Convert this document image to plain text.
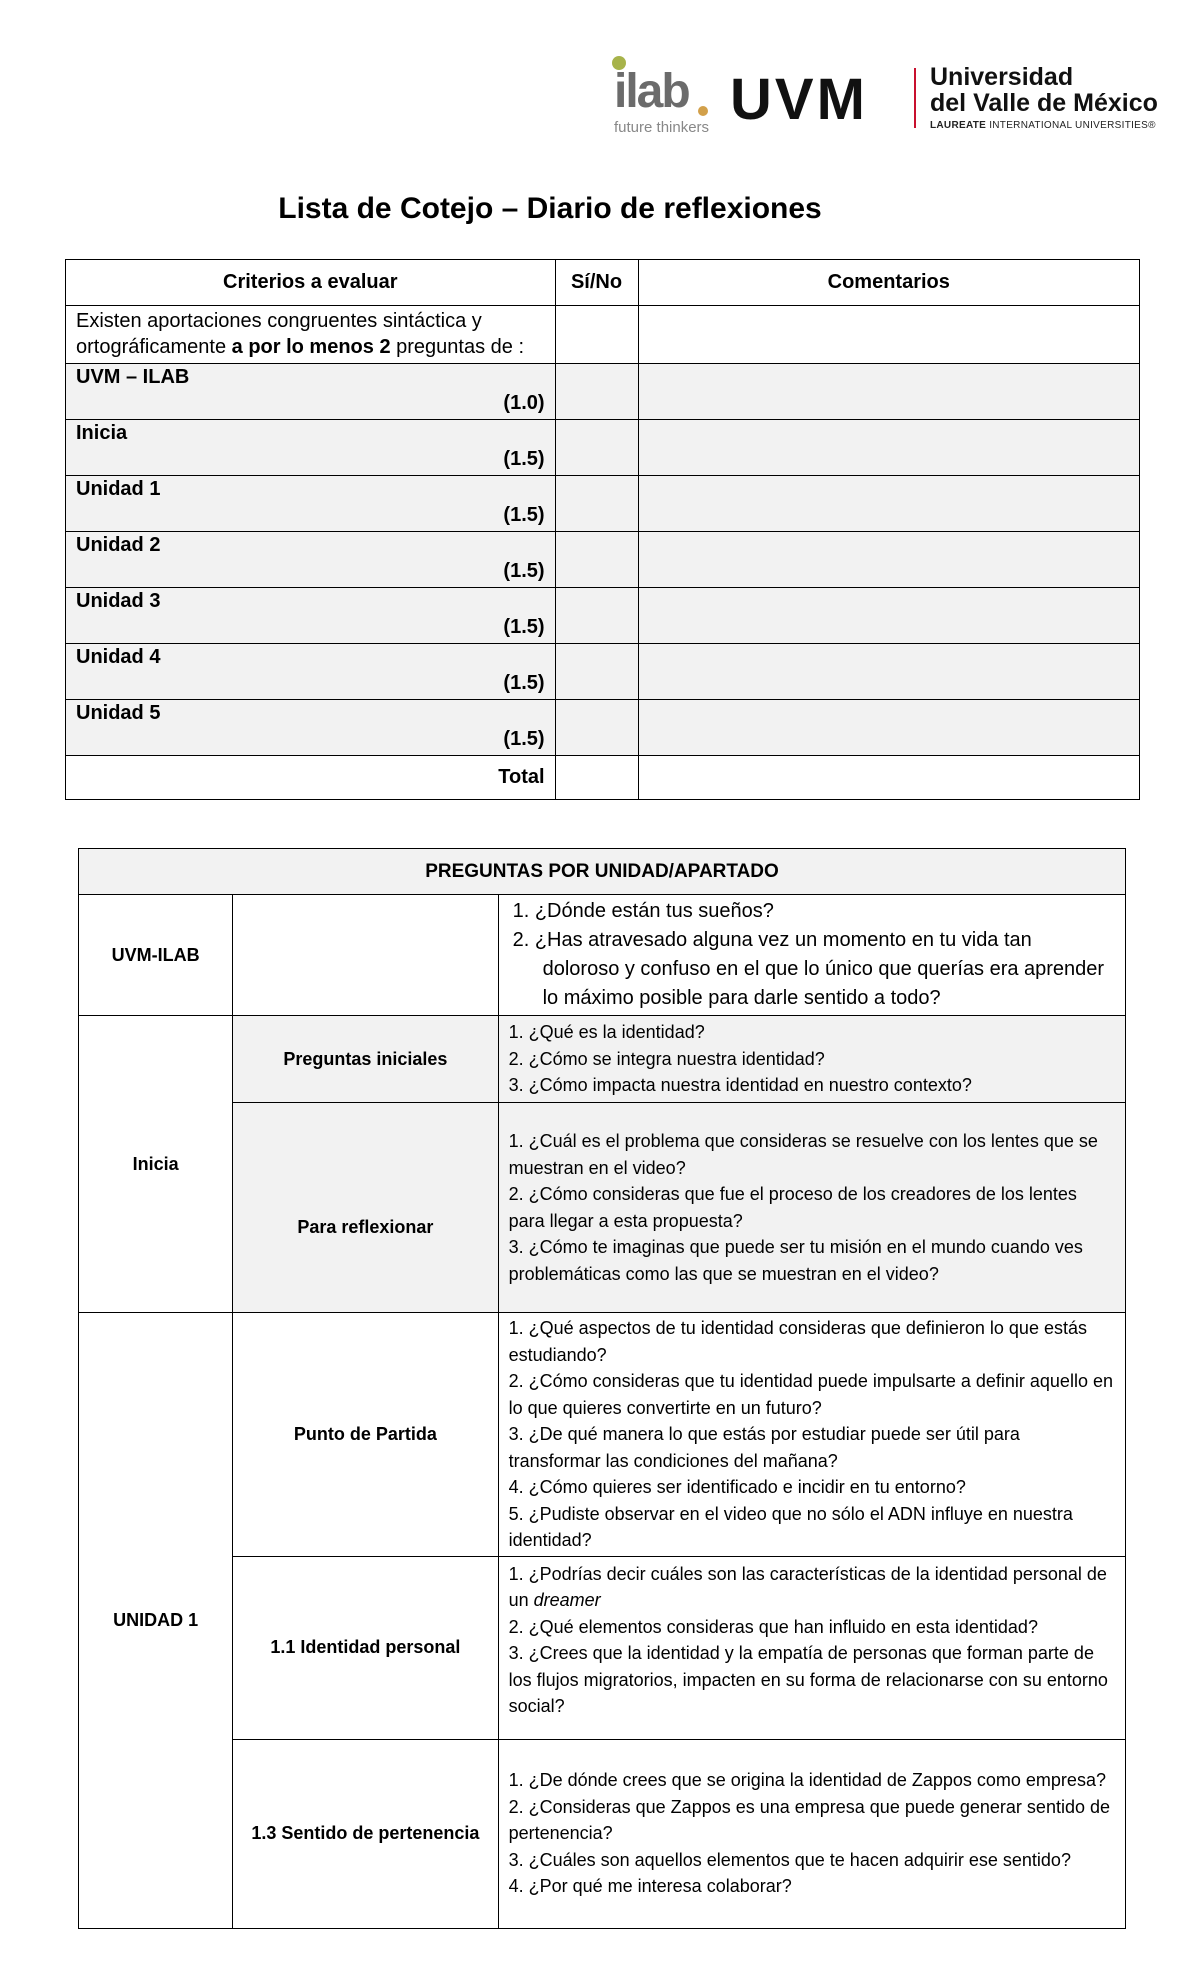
ilab
future thinkers UVM Universidad
del Valle de México
LAUREATE INTERNATIONAL UNIVERSITIES®
Lista de Cotejo – Diario de reflexiones
Criterios a evaluar	Sí/No	Comentarios
Existen aportaciones congruentes sintáctica y ortográficamente a por lo menos 2 preguntas de :		

UVM – ILAB
(1.0)		

Inicia
(1.5)		

Unidad 1
(1.5)		

Unidad 2
(1.5)		

Unidad 3
(1.5)		

Unidad 4
(1.5)		

Unidad 5
(1.5)		

Total		
PREGUNTAS POR UNIDAD/APARTADO		
UVM-ILAB		1. ¿Dónde están tus sueños?
2. ¿Has atravesado alguna vez un momento en tu vida tan doloroso y confuso en el que lo único que querías era aprender lo máximo posible para darle sentido a todo?

Inicia	Preguntas iniciales	1. ¿Qué es la identidad?
2. ¿Cómo se integra nuestra identidad?
3. ¿Cómo impacta nuestra identidad en nuestro contexto?

	Para reflexionar	1. ¿Cuál es el problema que consideras se resuelve con los lentes que se muestran en el video?
2. ¿Cómo consideras que fue el proceso de los creadores de los lentes para llegar a esta propuesta?
3. ¿Cómo te imaginas que puede ser tu misión en el mundo cuando ves problemáticas como las que se muestran en el video?

UNIDAD 1	Punto de Partida	1. ¿Qué aspectos de tu identidad consideras que definieron lo que estás estudiando?
2. ¿Cómo consideras que tu identidad puede impulsarte a definir aquello en lo que quieres convertirte en un futuro?
3. ¿De qué manera lo que estás por estudiar puede ser útil para transformar las condiciones del mañana?
4. ¿Cómo quieres ser identificado e incidir en tu entorno?
5. ¿Pudiste observar en el video que no sólo el ADN influye en nuestra identidad?

	1.1 Identidad personal	1. ¿Podrías decir cuáles son las características de la identidad personal de un dreamer
2. ¿Qué elementos consideras que han influido en esta identidad?
3. ¿Crees que la identidad y la empatía de personas que forman parte de los flujos migratorios, impacten en su forma de relacionarse con su entorno social?

	1.3 Sentido de pertenencia	1. ¿De dónde crees que se origina la identidad de Zappos como empresa?
2. ¿Consideras que Zappos es una empresa que puede generar sentido de pertenencia?
3. ¿Cuáles son aquellos elementos que te hacen adquirir ese sentido?
4. ¿Por qué me interesa colaborar?
